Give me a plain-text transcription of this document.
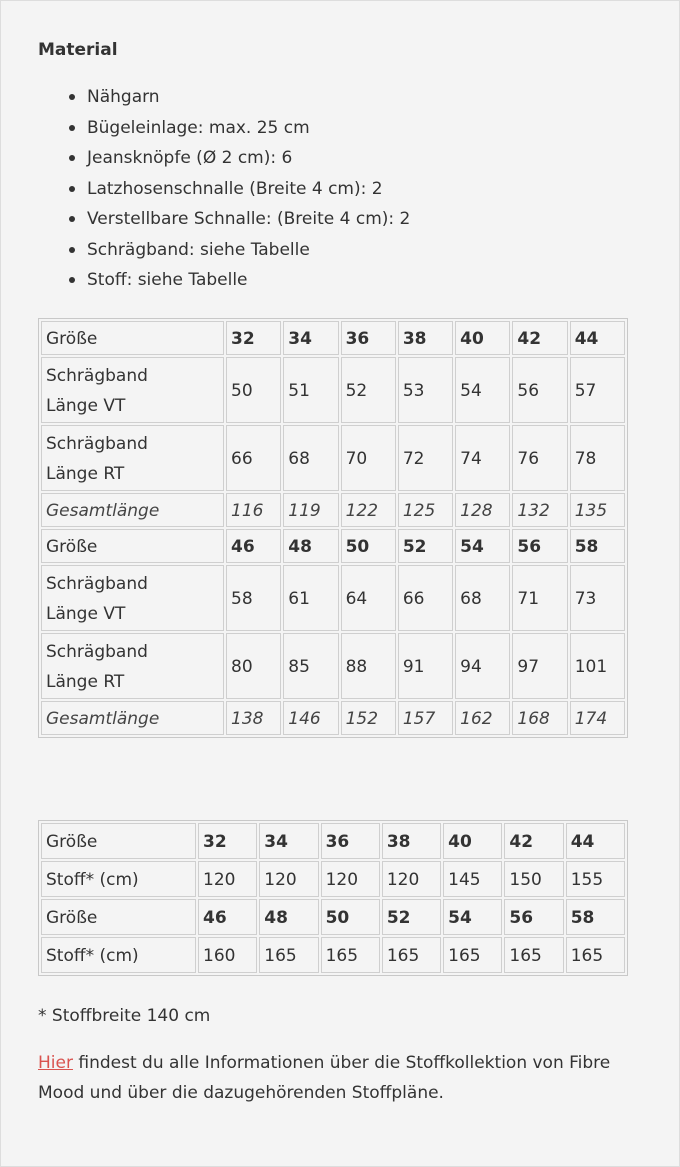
Material
Nähgarn
Bügeleinlage: max. 25 cm
Jeansknöpfe (Ø 2 cm): 6
Latzhosenschnalle (Breite 4 cm): 2
Verstellbare Schnalle: (Breite 4 cm): 2
Schrägband: siehe Tabelle
Stoff: siehe Tabelle
Größe	32	34	36	38	40	42	44
Schrägband
Länge VT	50	51	52	53	54	56	57
Schrägband
Länge RT	66	68	70	72	74	76	78
Gesamtlänge	116	119	122	125	128	132	135
Größe	46	48	50	52	54	56	58
Schrägband
Länge VT	58	61	64	66	68	71	73
Schrägband
Länge RT	80	85	88	91	94	97	101
Gesamtlänge	138	146	152	157	162	168	174
Größe	32	34	36	38	40	42	44
Stoff* (cm)	120	120	120	120	145	150	155
Größe	46	48	50	52	54	56	58
Stoff* (cm)	160	165	165	165	165	165	165
* Stoffbreite 140 cm
Hier findest du alle Informationen über die Stoffkollektion von Fibre Mood und über die dazugehörenden Stoffpläne.
